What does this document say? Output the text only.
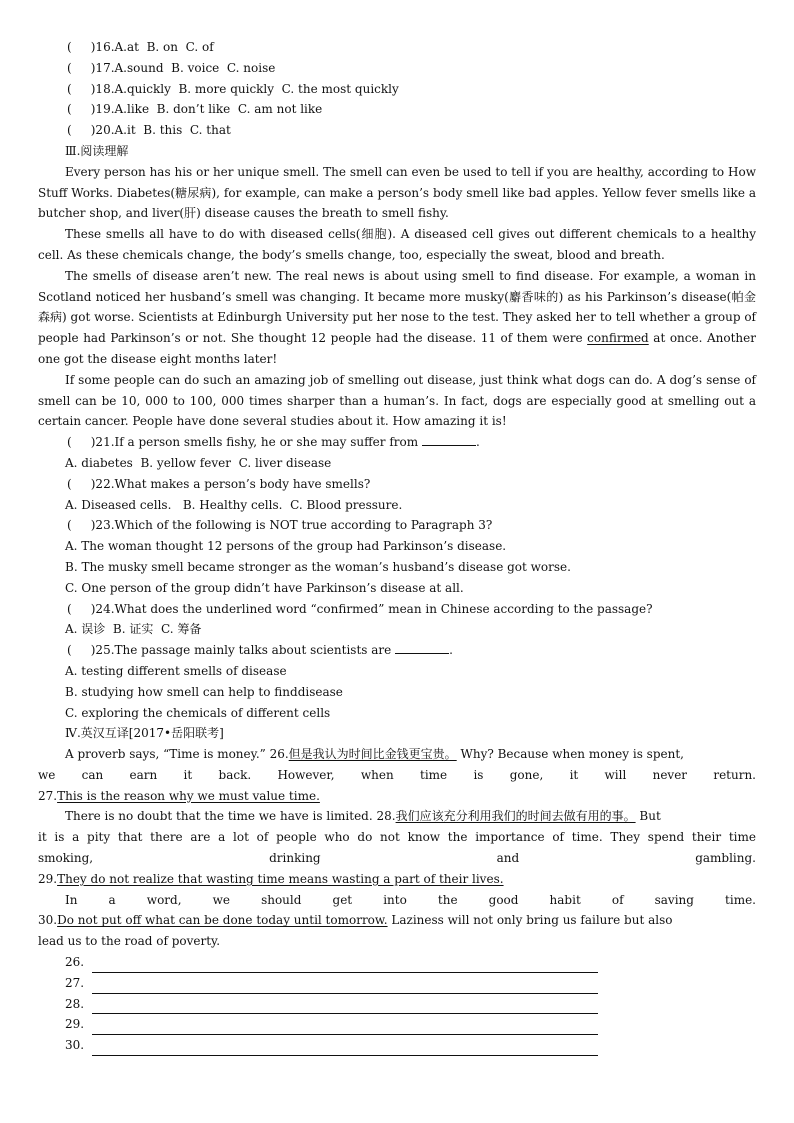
(     )16.A.at  B. on  C. of
(     )17.A.sound  B. voice  C. noise
(     )18.A.quickly  B. more quickly  C. the most quickly
(     )19.A.like  B. don’t like  C. am not like
(     )20.A.it  B. this  C. that
Ⅲ.阅读理解
Every person has his or her unique smell. The smell can even be used to tell if you are healthy, according to How Stuff Works. Diabetes(糖尿病), for example, can make a person’s body smell like bad apples. Yellow fever smells like a butcher shop, and liver(肝) disease causes the breath to smell fishy.
These smells all have to do with diseased cells(细胞). A diseased cell gives out different chemicals to a healthy cell. As these chemicals change, the body’s smells change, too, especially the sweat, blood and breath.
The smells of disease aren’t new. The real news is about using smell to find disease. For example, a woman in Scotland noticed her husband’s smell was changing. It became more musky(麝香味的) as his Parkinson’s disease(帕金森病) got worse. Scientists at Edinburgh University put her nose to the test. They asked her to tell whether a group of people had Parkinson’s or not. She thought 12 people had the disease. 11 of them were confirmed at once. Another one got the disease eight months later!
If some people can do such an amazing job of smelling out disease, just think what dogs can do. A dog’s sense of smell can be 10, 000 to 100, 000 times sharper than a human’s. In fact, dogs are especially good at smelling out a certain cancer. People have done several studies about it. How amazing it is!
(     )21.If a person smells fishy, he or she may suffer from	.
A. diabetes  B. yellow fever  C. liver disease
(     )22.What makes a person’s body have smells?
A. Diseased cells.   B. Healthy cells.  C. Blood pressure.
(     )23.Which of the following is NOT true according to Paragraph 3?
A. The woman thought 12 persons of the group had Parkinson’s disease.
B. The musky smell became stronger as the woman’s husband’s disease got worse.
C. One person of the group didn’t have Parkinson’s disease at all.
(     )24.What does the underlined word “confirmed” mean in Chinese according to the passage?
A. 误诊  B. 证实  C. 筹备
(     )25.The passage mainly talks about scientists are	.
A. testing different smells of disease
B. studying how smell can help to finddisease
C. exploring the chemicals of different cells
Ⅳ.英汉互译[2017•岳阳联考]
A proverb says, “Time is money.” 26.但是我认为时间比金钱更宝贵。 Why? Because when money is spent,
we can earn it back. However, when time is gone, it will never return.
27.This is the reason why we must value time.
There is no doubt that the time we have is limited. 28.我们应该充分利用我们的时间去做有用的事。 But
it is a pity that there are a lot of people who do not know the importance of time. They spend their time
smoking, drinking and gambling.
29.They do not realize that wasting time means wasting a part of their lives.
In a word, we should get into the good habit of saving time.
30.Do not put off what can be done today until tomorrow. Laziness will not only bring us failure but also
lead us to the road of poverty.
26.
27.
28.
29.
30.
